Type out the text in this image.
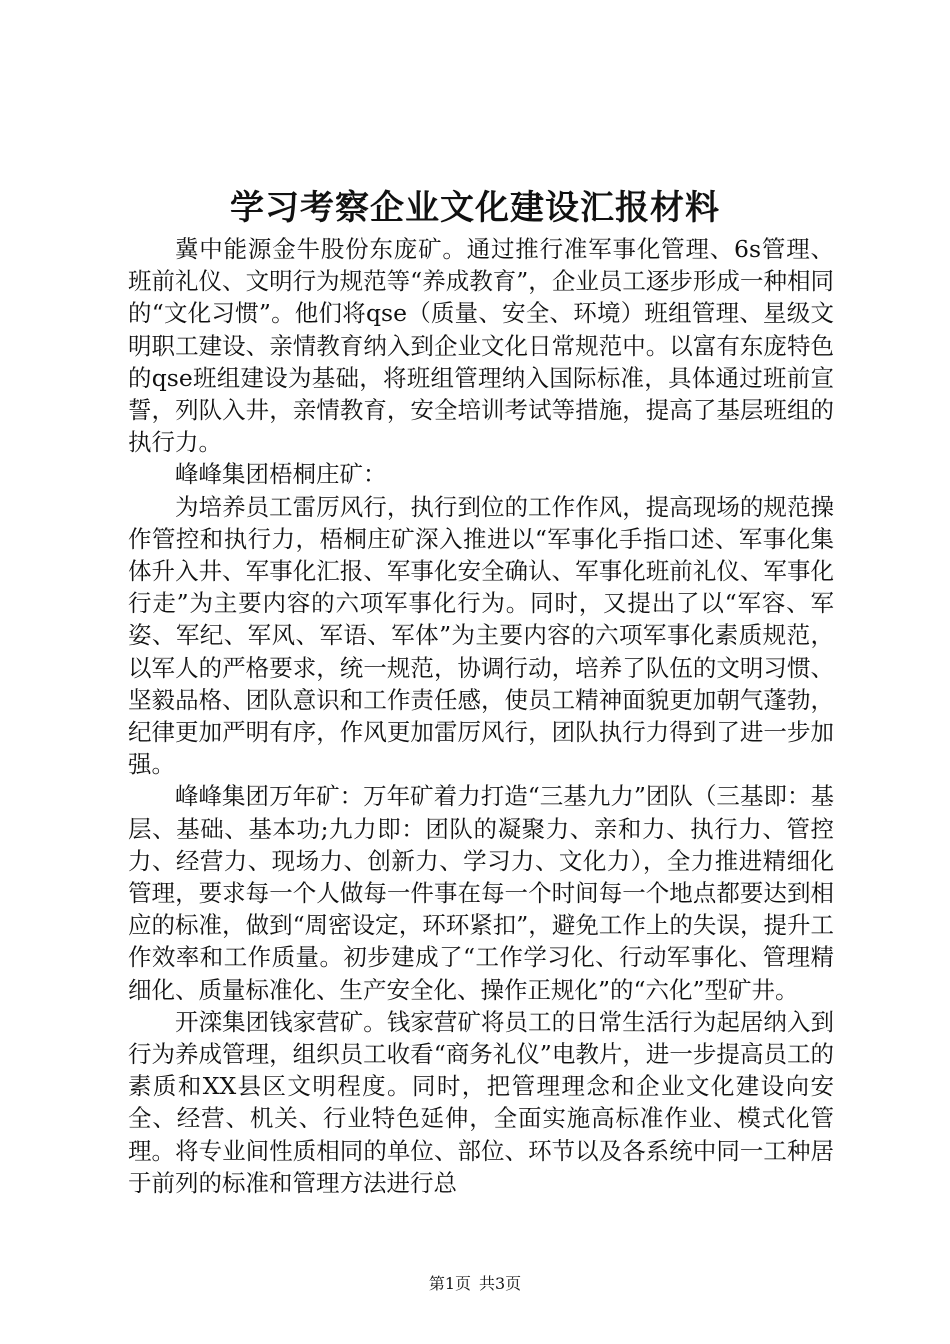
学习考察企业文化建设汇报材料

冀中能源金牛股份东庞矿。通过推行准军事化管理、6s管理、班前礼仪、文明行为规范等“养成教育”，企业员工逐步形成一种相同的“文化习惯”。他们将qse（质量、安全、环境）班组管理、星级文明职工建设、亲情教育纳入到企业文化日常规范中。以富有东庞特色的qse班组建设为基础，将班组管理纳入国际标准，具体通过班前宣誓，列队入井，亲情教育，安全培训考试等措施，提高了基层班组的执行力。

峰峰集团梧桐庄矿：

为培养员工雷厉风行，执行到位的工作作风，提高现场的规范操作管控和执行力，梧桐庄矿深入推进以“军事化手指口述、军事化集体升入井、军事化汇报、军事化安全确认、军事化班前礼仪、军事化行走”为主要内容的六项军事化行为。同时，又提出了以“军容、军姿、军纪、军风、军语、军体”为主要内容的六项军事化素质规范，以军人的严格要求，统一规范，协调行动，培养了队伍的文明习惯、坚毅品格、团队意识和工作责任感，使员工精神面貌更加朝气蓬勃，纪律更加严明有序，作风更加雷厉风行，团队执行力得到了进一步加强。

峰峰集团万年矿：万年矿着力打造“三基九力”团队（三基即：基层、基础、基本功;九力即：团队的凝聚力、亲和力、执行力、管控力、经营力、现场力、创新力、学习力、文化力），全力推进精细化管理，要求每一个人做每一件事在每一个时间每一个地点都要达到相应的标准，做到“周密设定，环环紧扣”，避免工作上的失误，提升工作效率和工作质量。初步建成了“工作学习化、行动军事化、管理精细化、质量标准化、生产安全化、操作正规化”的“六化”型矿井。

开滦集团钱家营矿。钱家营矿将员工的日常生活行为起居纳入到行为养成管理，组织员工收看“商务礼仪”电教片，进一步提高员工的素质和XX县区文明程度。同时，把管理理念和企业文化建设向安全、经营、机关、行业特色延伸，全面实施高标准作业、模式化管理。将专业间性质相同的单位、部位、环节以及各系统中同一工种居于前列的标准和管理方法进行总

第1页 共3页
